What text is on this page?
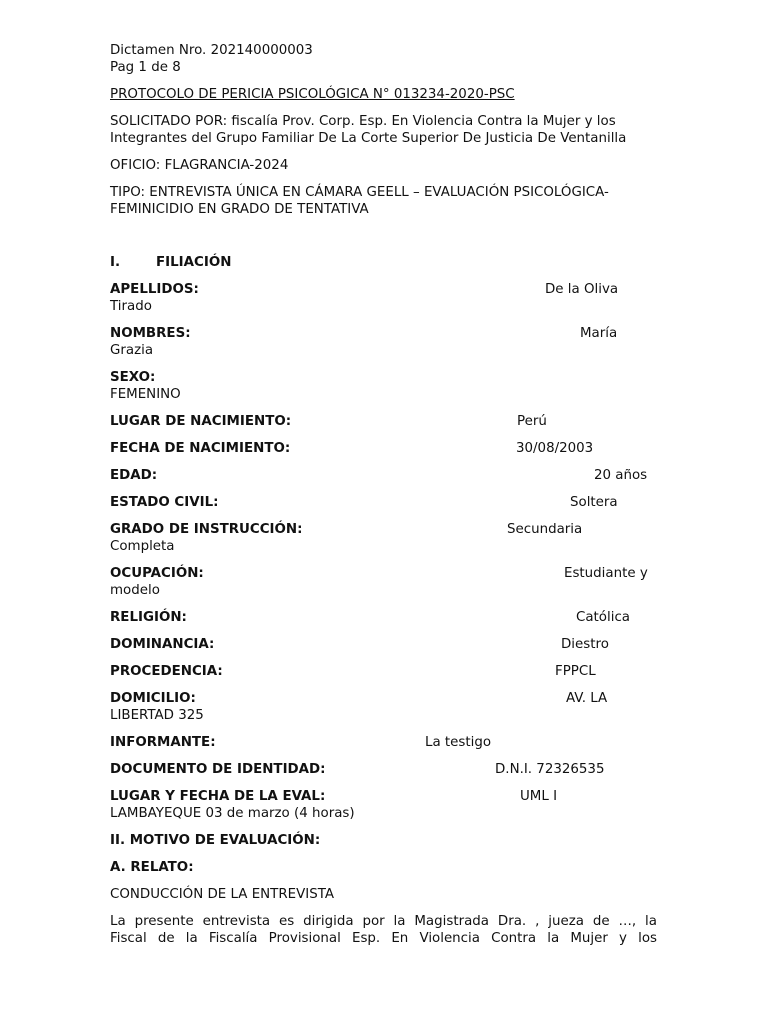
Dictamen Nro. 202140000003

Pag 1 de 8

PROTOCOLO DE PERICIA PSICOLÓGICA N° 013234-2020-PSC

SOLICITADO POR: fiscalía Prov. Corp. Esp. En Violencia Contra la Mujer y los
Integrantes del Grupo Familiar De La Corte Superior De Justicia De Ventanilla

OFICIO: FLAGRANCIA-2024

TIPO: ENTREVISTA ÚNICA EN CÁMARA GEELL – EVALUACIÓN PSICOLÓGICA-
FEMINICIDIO EN GRADO DE TENTATIVA
I.	FILIACIÓN
APELLIDOS:	De la Oliva
Tirado
NOMBRES:	María
Grazia
SEXO:
FEMENINO
LUGAR DE NACIMIENTO:	Perú
FECHA DE NACIMIENTO:	30/08/2003
EDAD:	20 años
ESTADO CIVIL:	Soltera
GRADO DE INSTRUCCIÓN:	Secundaria
Completa
OCUPACIÓN:	Estudiante y
modelo
RELIGIÓN:	Católica
DOMINANCIA:	Diestro
PROCEDENCIA:	FPPCL
DOMICILIO:	AV. LA
LIBERTAD 325
INFORMANTE:	La testigo
DOCUMENTO DE IDENTIDAD:	D.N.I. 72326535
LUGAR Y FECHA DE LA EVAL:	UML I
LAMBAYEQUE 03 de marzo (4 horas)

II. MOTIVO DE EVALUACIÓN:

A. RELATO:

CONDUCCIÓN DE LA ENTREVISTA

La presente entrevista es dirigida por la Magistrada Dra. , jueza de …, la

Fiscal de la Fiscalía Provisional Esp. En Violencia Contra la Mujer y los
